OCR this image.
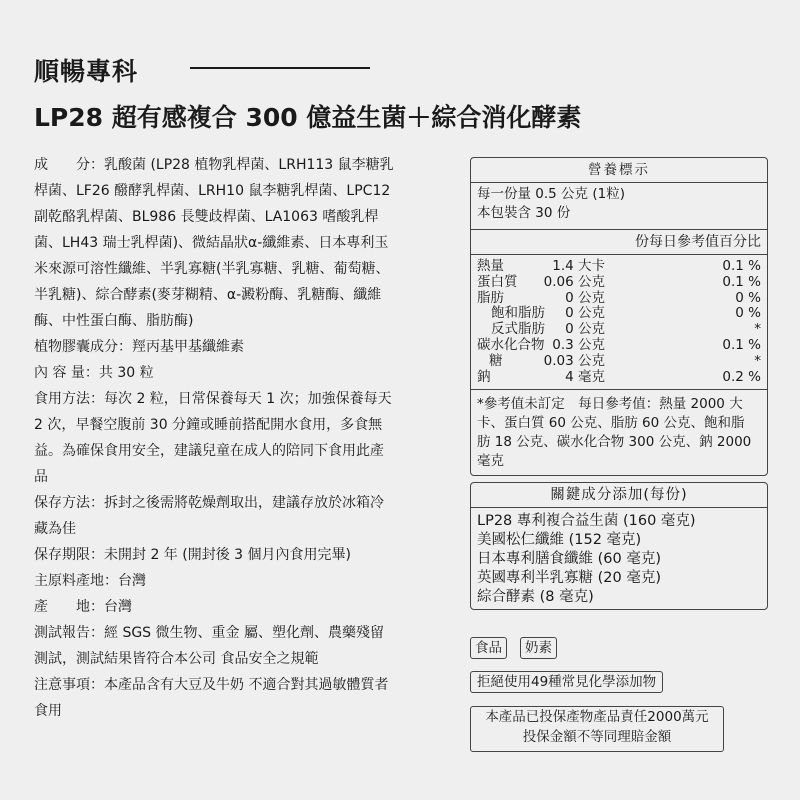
順暢專科
LP28 超有感複合 300 億益生菌＋綜合消化酵素

成　　分：乳酸菌 (LP28 植物乳桿菌、LRH113 鼠李糖乳

桿菌、LF26 醱酵乳桿菌、LRH10 鼠李糖乳桿菌、LPC12

副乾酪乳桿菌、BL986 長雙歧桿菌、LA1063 嗜酸乳桿

菌、LH43 瑞士乳桿菌)、微結晶狀α-纖維素、日本專利玉

米來源可溶性纖維、半乳寡糖(半乳寡糖、乳糖、葡萄糖、

半乳糖)、綜合酵素(麥芽糊精、α-澱粉酶、乳糖酶、纖維

酶、中性蛋白酶、脂肪酶)

植物膠囊成分：羥丙基甲基纖維素

內 容 量：共 30 粒

食用方法：每次 2 粒，日常保養每天 1 次；加強保養每天

2 次，早餐空腹前 30 分鐘或睡前搭配開水食用，多食無

益。為確保食用安全，建議兒童在成人的陪同下食用此產

品

保存方法：拆封之後需將乾燥劑取出，建議存放於冰箱冷

藏為佳

保存期限：未開封 2 年 (開封後 3 個月內食用完畢)

主原料產地：台灣

產　　地：台灣

測試報告：經 SGS 微生物、重金 屬、塑化劑、農藥殘留

測試，測試結果皆符合本公司 食品安全之規範

注意事項：本產品含有大豆及牛奶 不適合對其過敏體質者

食用

營養標示
每一份量 0.5 公克 (1粒)
本包裝含 30 份
份每日參考值百分比
熱量	1.4 大卡	0.1 %
蛋白質 0.06 公克	0.1 %
脂肪	0 公克	0 %
飽和脂肪 0 公克	0 %
反式脂肪 0 公克	*
碳水化合物 0.3 公克	0.1 %
糖	0.03 公克	*
鈉	4 毫克	0.2 %
*參考值未訂定　每日參考值：熱量 2000 大
卡、蛋白質 60 公克、脂肪 60 公克、飽和脂
肪 18 公克、碳水化合物 300 公克、鈉 2000
毫克
關鍵成分添加(每份)
LP28 專利複合益生菌 (160 毫克)
美國松仁纖維 (152 毫克)
日本專利膳食纖維 (60 毫克)
英國專利半乳寡糖 (20 毫克)
綜合酵素 (8 毫克)
食品	奶素
拒絕使用49種常見化學添加物
本產品已投保產物產品責任2000萬元
投保金額不等同理賠金額
